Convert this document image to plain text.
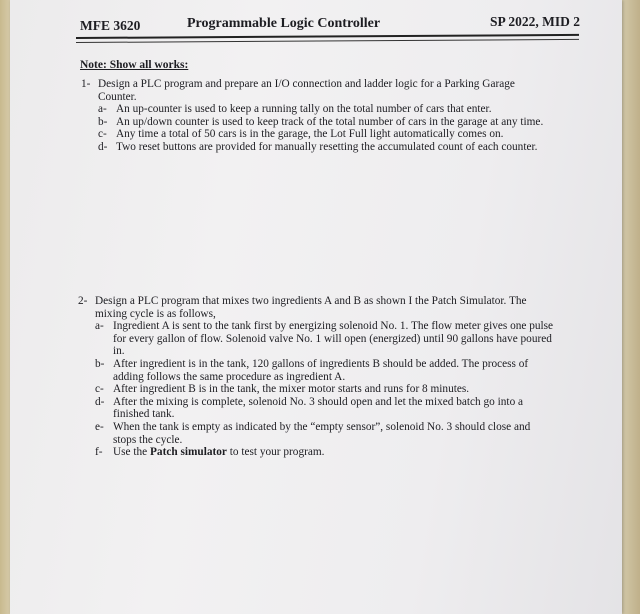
MFE 3620	Programmable Logic Controller	SP 2022, MID 2
Note: Show all works:
1- Design a PLC program and prepare an I/O connection and ladder logic for a Parking Garage Counter.
a- An up-counter is used to keep a running tally on the total number of cars that enter.
b- An up/down counter is used to keep track of the total number of cars in the garage at any time.
c- Any time a total of 50 cars is in the garage, the Lot Full light automatically comes on.
d- Two reset buttons are provided for manually resetting the accumulated count of each counter.
2- Design a PLC program that mixes two ingredients A and B as shown I the Patch Simulator. The mixing cycle is as follows,
a- Ingredient A is sent to the tank first by energizing solenoid No. 1. The flow meter gives one pulse for every gallon of flow. Solenoid valve No. 1 will open (energized) until 90 gallons have poured in.
b- After ingredient is in the tank, 120 gallons of ingredients B should be added. The process of adding follows the same procedure as ingredient A.
c- After ingredient B is in the tank, the mixer motor starts and runs for 8 minutes.
d- After the mixing is complete, solenoid No. 3 should open and let the mixed batch go into a finished tank.
e- When the tank is empty as indicated by the “empty sensor”, solenoid No. 3 should close and stops the cycle.
f- Use the Patch simulator to test your program.
